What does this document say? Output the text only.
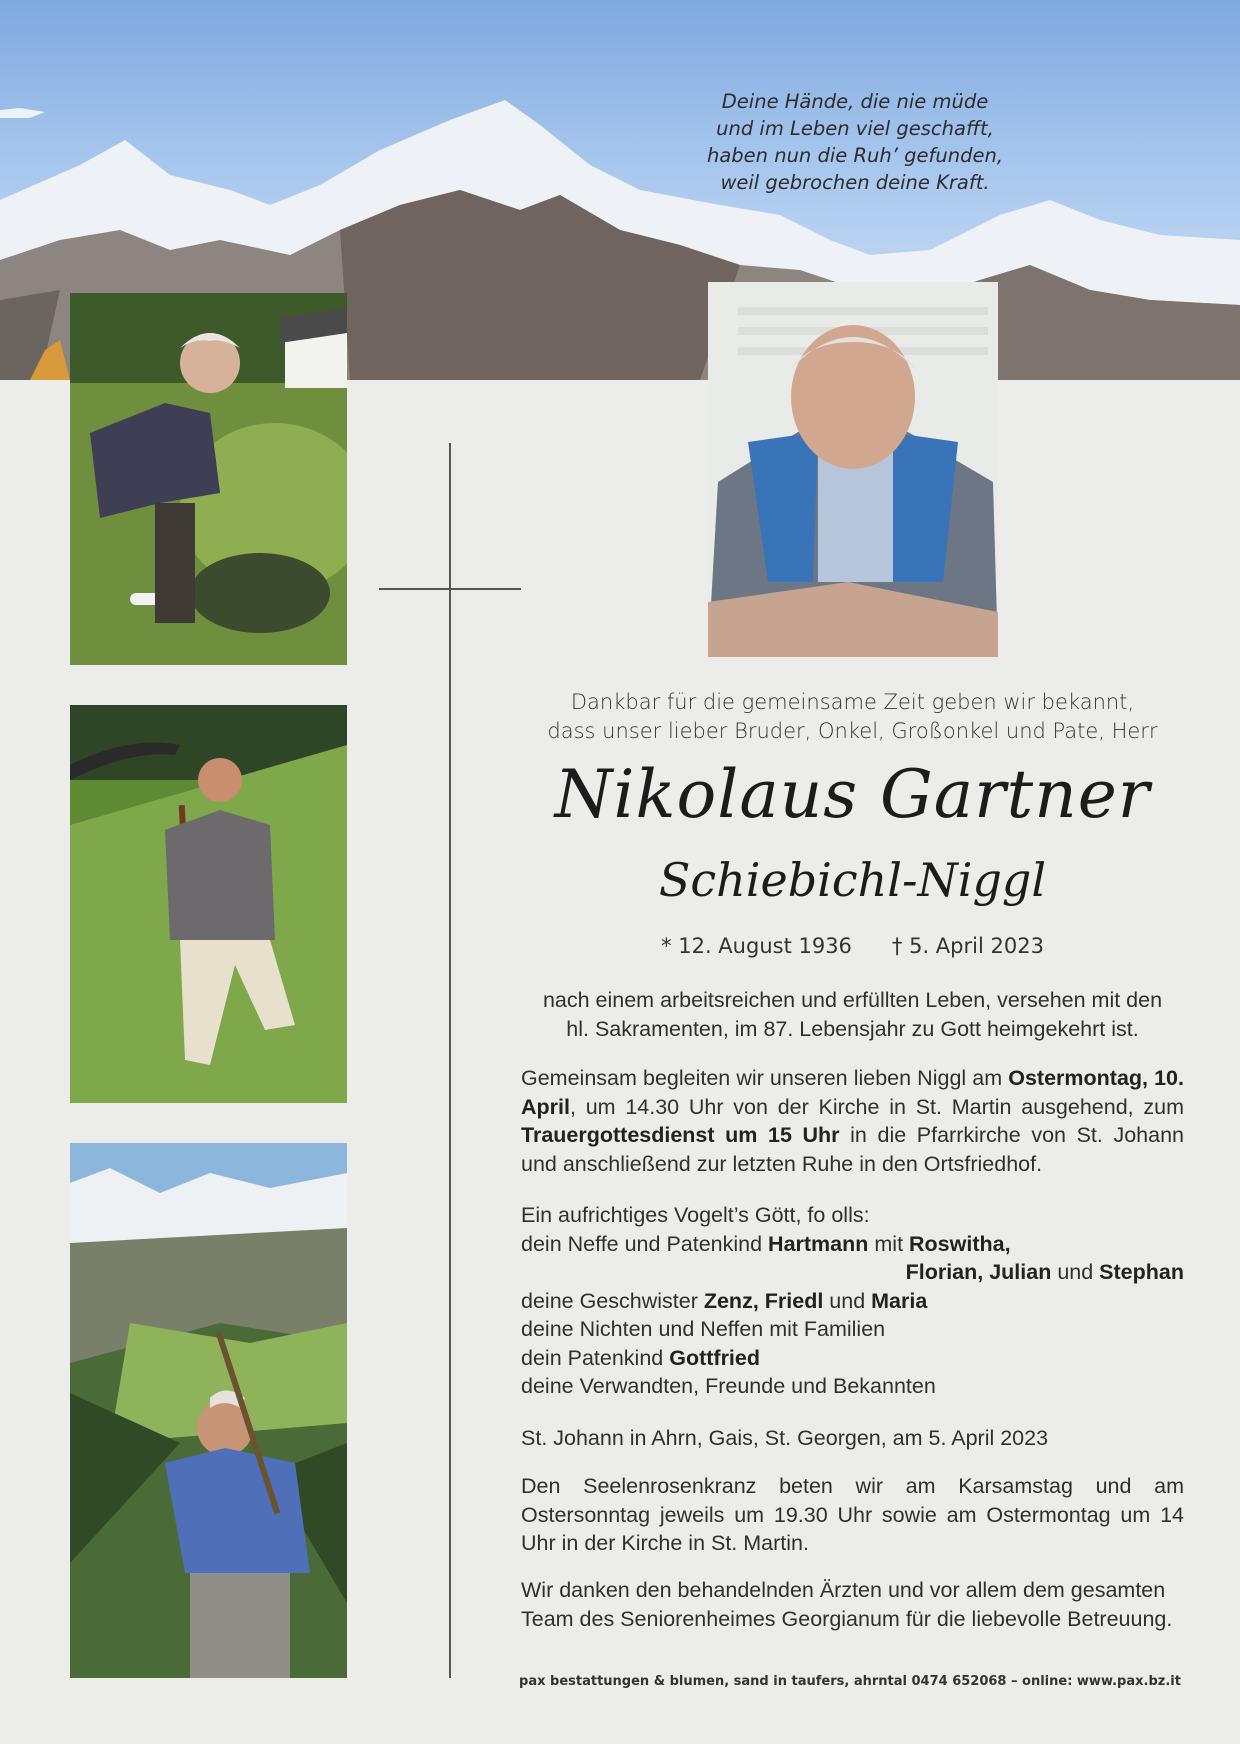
Deine Hände, die nie müde
und im Leben viel geschafft,
haben nun die Ruh’ gefunden,
weil gebrochen deine Kraft.
Dankbar für die gemeinsame Zeit geben wir bekannt,
dass unser lieber Bruder, Onkel, Großonkel und Pate, Herr
Nikolaus Gartner
Schiebichl-Niggl
* 12. August 1936 † 5. April 2023
nach einem arbeitsreichen und erfüllten Leben, versehen mit den
hl. Sakramenten, im 87. Lebensjahr zu Gott heimgekehrt ist.
Gemeinsam begleiten wir unseren lieben Niggl am Ostermontag, 10. April, um 14.30 Uhr von der Kirche in St. Martin ausgehend, zum Trauergottesdienst um 15 Uhr in die Pfarrkirche von St. Johann und anschließend zur letzten Ruhe in den Ortsfriedhof.
Ein aufrichtiges Vogelt’s Gött, fo olls:
dein Neffe und Patenkind Hartmann mit Roswitha,
Florian, Julian und Stephan
deine Geschwister Zenz, Friedl und Maria
deine Nichten und Neffen mit Familien
dein Patenkind Gottfried
deine Verwandten, Freunde und Bekannten
St. Johann in Ahrn, Gais, St. Georgen, am 5. April 2023
Den Seelenrosenkranz beten wir am Karsamstag und am Ostersonntag jeweils um 19.30 Uhr sowie am Ostermontag um 14 Uhr in der Kirche in St. Martin.
Wir danken den behandelnden Ärzten und vor allem dem gesamten Team des Seniorenheimes Georgianum für die liebevolle Betreuung.
pax bestattungen & blumen, sand in taufers, ahrntal 0474 652068 – online: www.pax.bz.it
